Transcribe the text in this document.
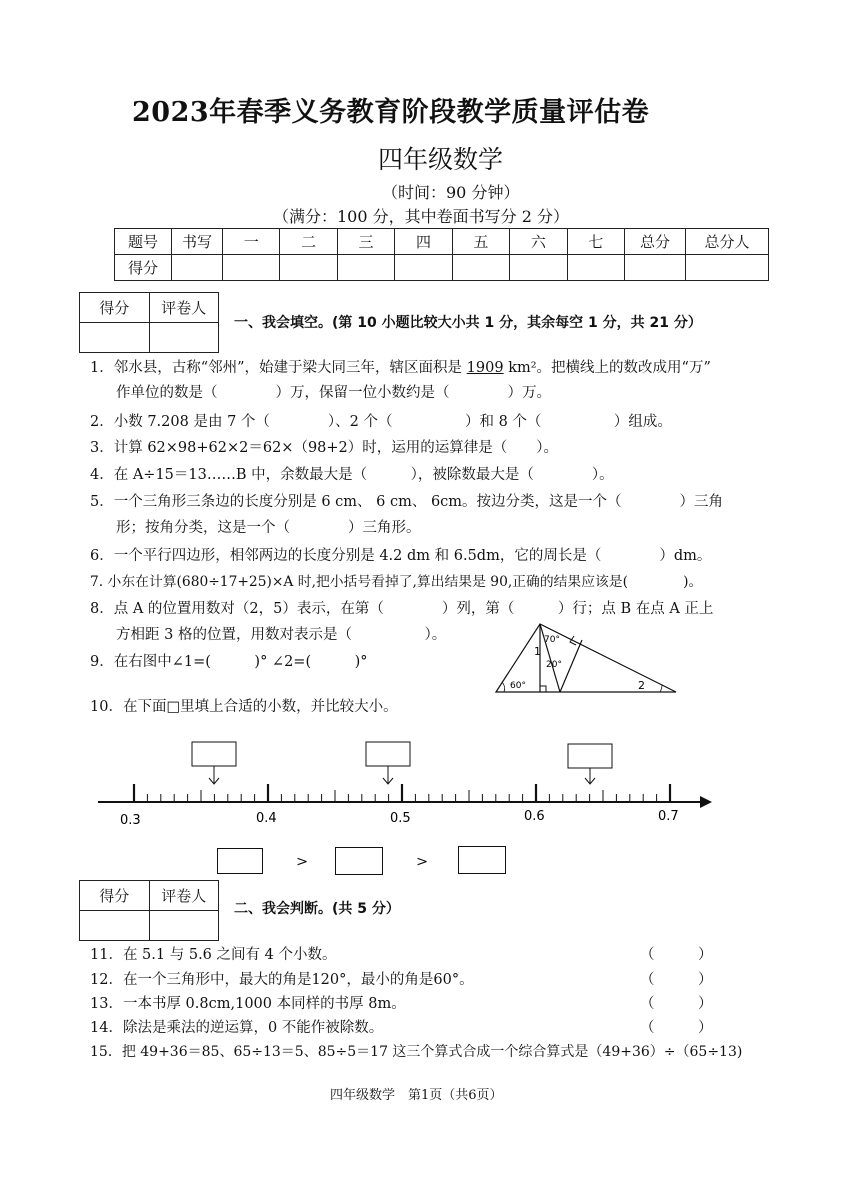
2023年春季义务教育阶段教学质量评估卷
四年级数学
（时间：90 分钟）
（满分：100 分，其中卷面书写分 2 分）
题号	书写	一	二	三	四	五	六	七	总分	总分人
得分										
得分	评卷人

一、我会填空。(第 10 小题比较大小共 1 分，其余每空 1 分，共 21 分）
1．邻水县，古称“邻州”，始建于梁大同三年，辖区面积是 1909 km²。把横线上的数改成用“万”
作单位的数是（　　　　）万，保留一位小数约是（　　　　）万。
2．小数 7.208 是由 7 个（　　　　）、2 个（　　　　　）和 8 个（　　　　　）组成。
3．计算 62×98+62×2＝62×（98+2）时，运用的运算律是（　　）。
4．在 A÷15＝13……B 中，余数最大是（　　　），被除数最大是（　　　　）。
5．一个三角形三条边的长度分别是 6 cm、 6 cm、 6cm。按边分类，这是一个（　　　　）三角
形；按角分类，这是一个（　　　　）三角形。
6．一个平行四边形，相邻两边的长度分别是 4.2 dm 和 6.5dm，它的周长是（　　　　）dm。
7. 小东在计算(680÷17+25)×A 时,把小括号看掉了,算出结果是 90,正确的结果应该是(　　　　)。
8．点 A 的位置用数对（2，5）表示，在第（　　　　）列，第（　　　）行；点 B 在点 A 正上
方相距 3 格的位置，用数对表示是（　　　　　）。
9．在右图中∠1=(　　　)° ∠2=(　　　)°
70°
1
20°
60°	2
10．在下面□里填上合适的小数，并比较大小。
0.3	0.4	0.5	0.6	0.7
>	>
得分	评卷人

二、我会判断。(共 5 分）
11．在 5.1 与 5.6 之间有 4 个小数。	（　　　）
12．在一个三角形中，最大的角是120°，最小的角是60°。	（　　　）
13．一本书厚 0.8cm,1000 本同样的书厚 8m。	（　　　）
14．除法是乘法的逆运算，0 不能作被除数。	（　　　）
15．把 49+36＝85、65÷13＝5、85÷5＝17 这三个算式合成一个综合算式是（49+36）÷（65÷13)
四年级数学　第1页（共6页）
